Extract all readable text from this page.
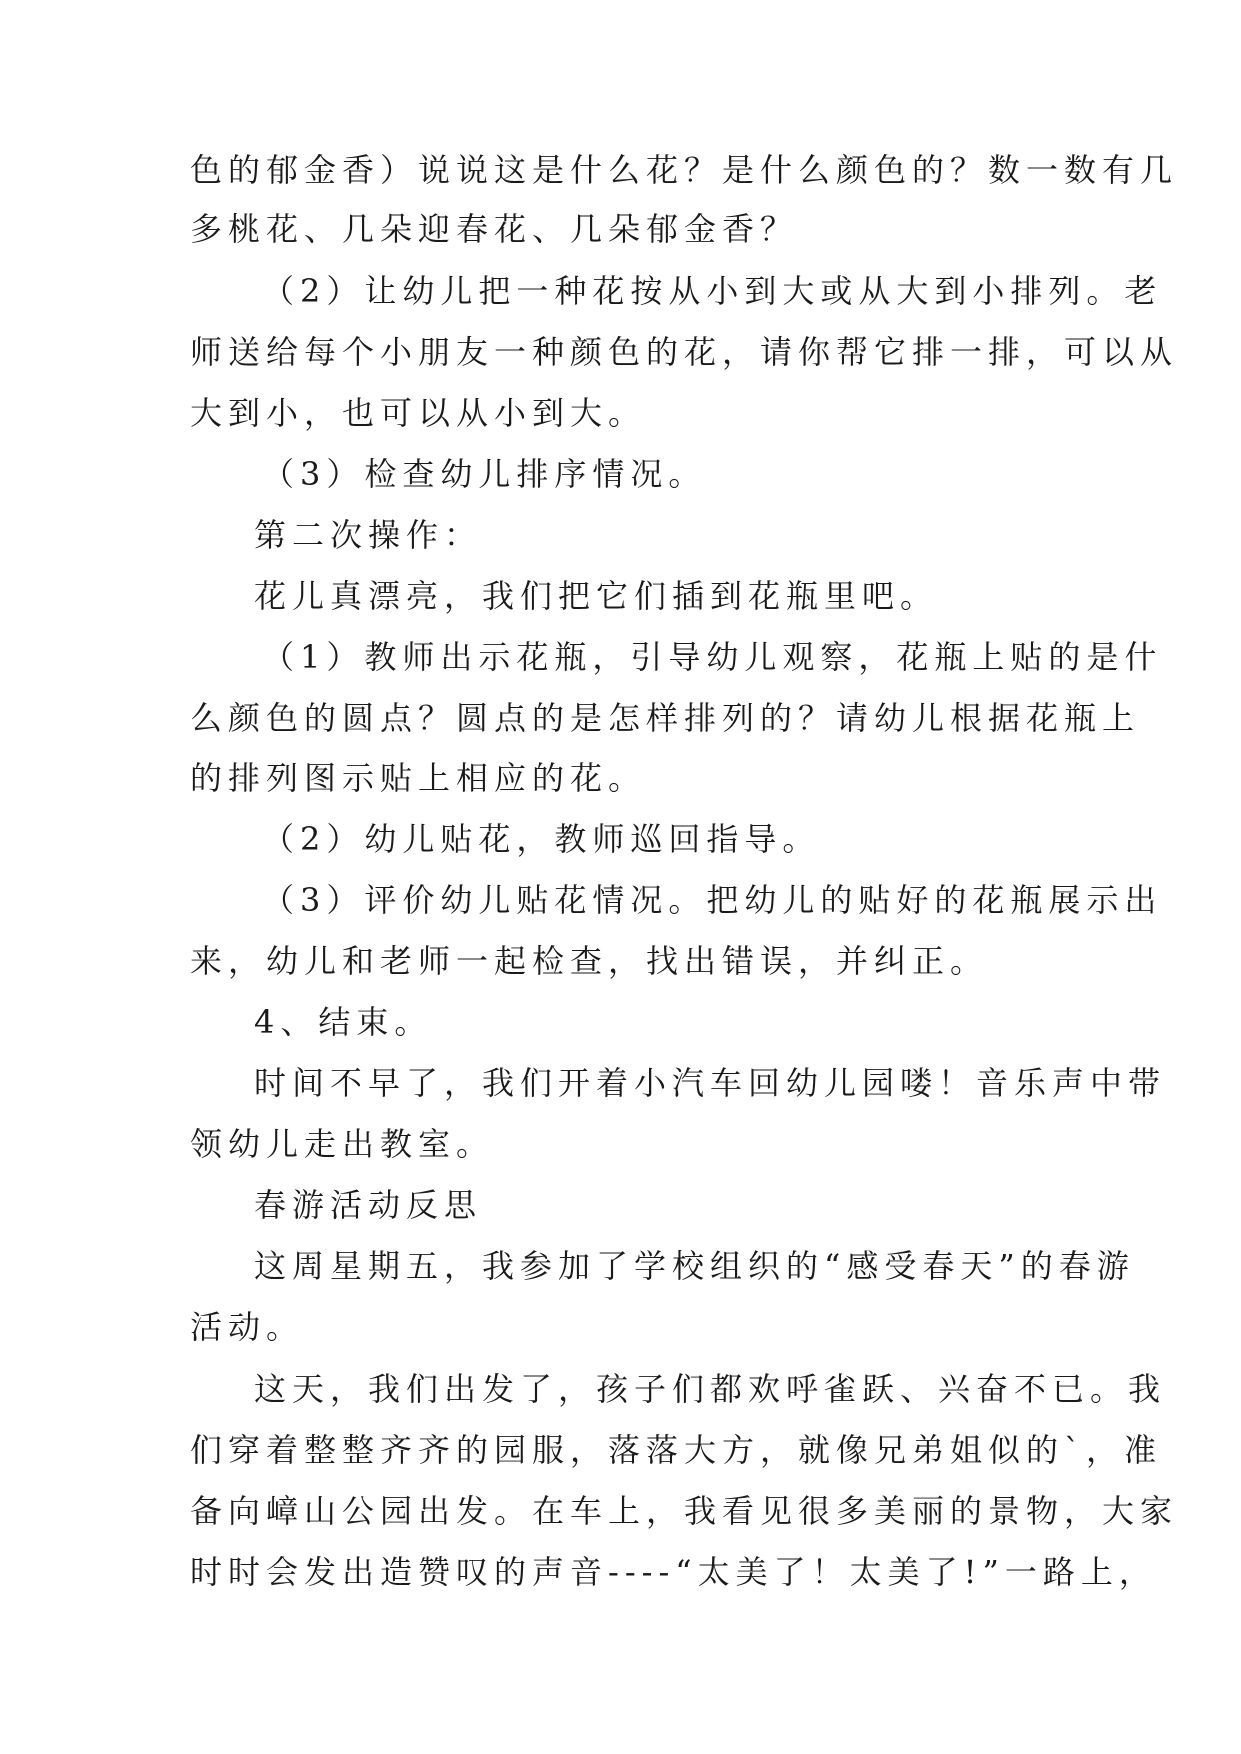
色的郁金香）说说这是什么花？是什么颜色的？数一数有几
多桃花、几朵迎春花、几朵郁金香？
（2）让幼儿把一种花按从小到大或从大到小排列。老
师送给每个小朋友一种颜色的花，请你帮它排一排，可以从
大到小，也可以从小到大。
（3）检查幼儿排序情况。
第二次操作：
花儿真漂亮，我们把它们插到花瓶里吧。
（1）教师出示花瓶，引导幼儿观察，花瓶上贴的是什
么颜色的圆点？圆点的是怎样排列的？请幼儿根据花瓶上
的排列图示贴上相应的花。
（2）幼儿贴花，教师巡回指导。
（3）评价幼儿贴花情况。把幼儿的贴好的花瓶展示出
来，幼儿和老师一起检查，找出错误，并纠正。
4、结束。
时间不早了，我们开着小汽车回幼儿园喽！音乐声中带
领幼儿走出教室。
春游活动反思
这周星期五，我参加了学校组织的“感受春天”的春游
活动。
这天，我们出发了，孩子们都欢呼雀跃、兴奋不已。我
们穿着整整齐齐的园服，落落大方，就像兄弟姐似的`，准
备向嶂山公园出发。在车上，我看见很多美丽的景物，大家
时时会发出造赞叹的声音----“太美了！太美了!”一路上，
